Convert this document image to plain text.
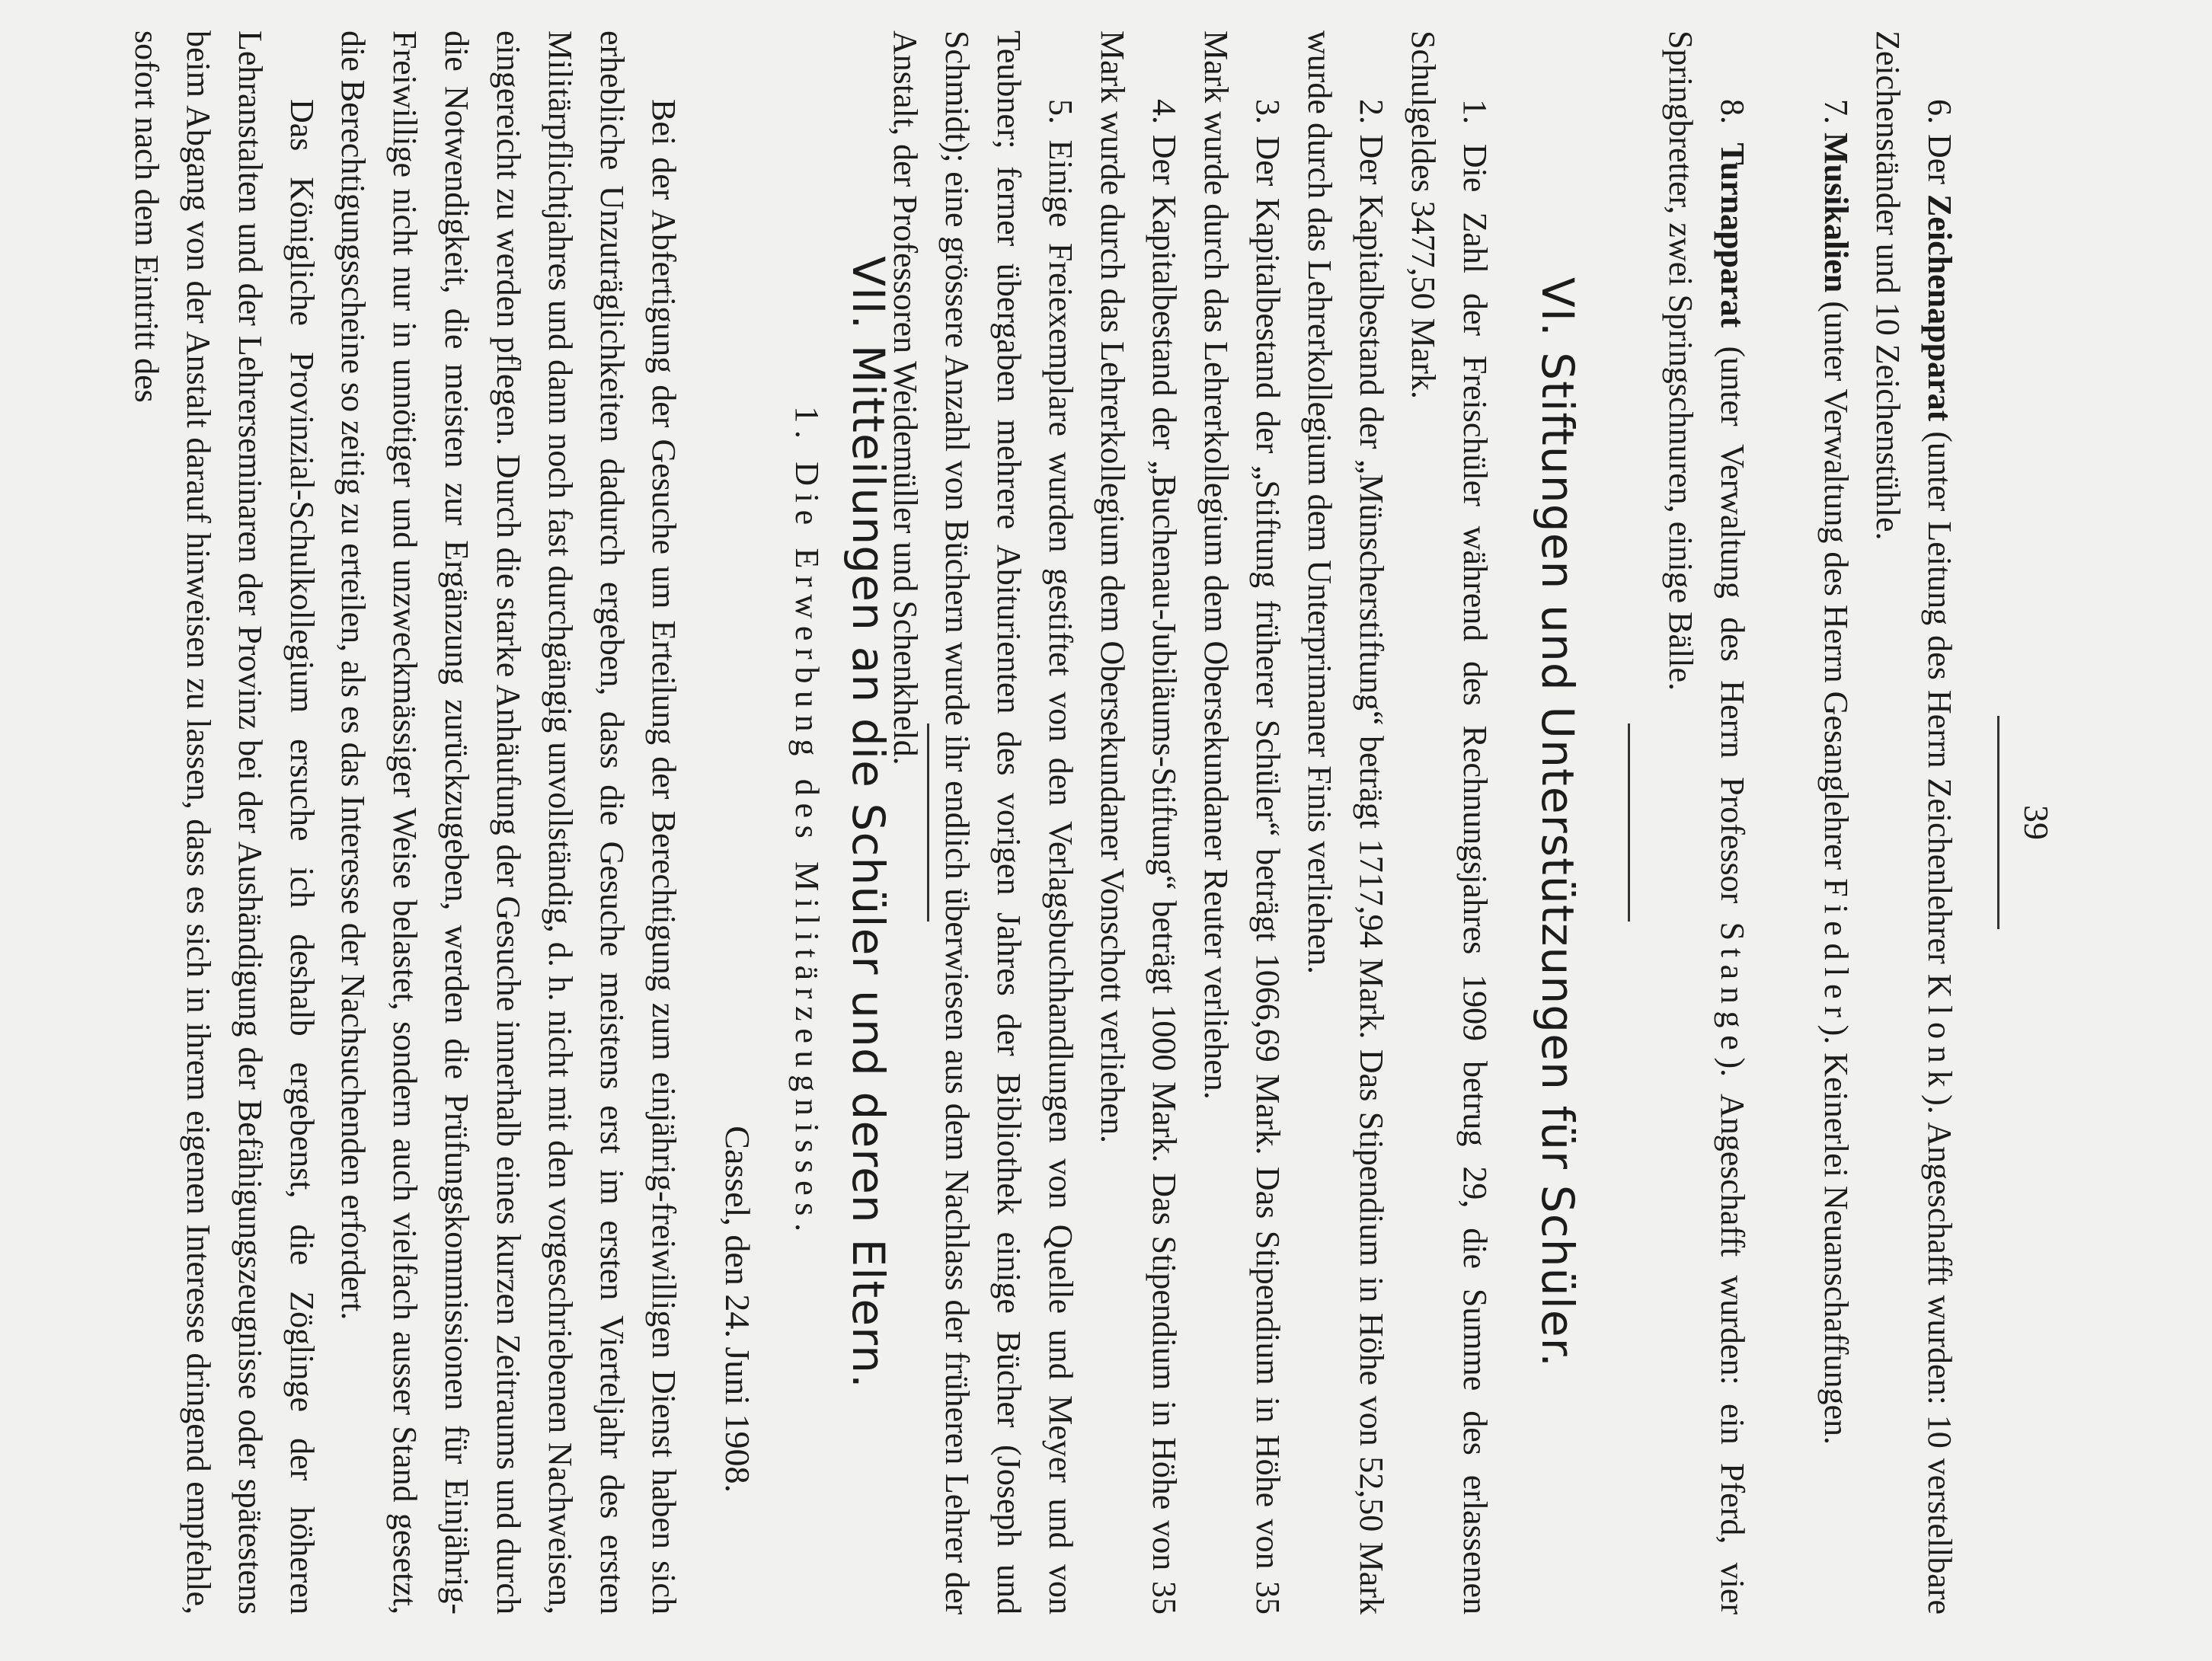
39

6. Der Zeichenapparat (unter Leitung des Herrn Zeichenlehrer Klonk). Angeschafft wurden: 10 verstellbare Zeichenständer und 10 Zeichenstühle.

7. Musikalien (unter Verwaltung des Herrn Gesanglehrer Fiedler). Keinerlei Neuanschaffungen.

8. Turnapparat (unter Verwaltung des Herrn Professor Stange). Angeschafft wurden: ein Pferd, vier Springbretter, zwei Springschnuren, einige Bälle.

VI. Stiftungen und Unterstützungen für Schüler.

1. Die Zahl der Freischüler während des Rechnungsjahres 1909 betrug 29, die Summe des erlassenen Schulgeldes 3477,50 Mark.

2. Der Kapitalbestand der „Münscherstiftung“ beträgt 1717,94 Mark. Das Stipendium in Höhe von 52,50 Mark wurde durch das Lehrerkollegium dem Unterprimaner Finis verliehen.

3. Der Kapitalbestand der „Stiftung früherer Schüler“ beträgt 1066,69 Mark. Das Stipendium in Höhe von 35 Mark wurde durch das Lehrerkollegium dem Obersekundaner Reuter verliehen.

4. Der Kapitalbestand der „Buchenau-Jubiläums-Stiftung“ beträgt 1000 Mark. Das Stipendium in Höhe von 35 Mark wurde durch das Lehrerkollegium dem Obersekundaner Vonschott verliehen.

5. Einige Freiexemplare wurden gestiftet von den Verlagsbuchhandlungen von Quelle und Meyer und von Teubner; ferner übergaben mehrere Abiturienten des vorigen Jahres der Bibliothek einige Bücher (Joseph und Schmidt); eine grössere Anzahl von Büchern wurde ihr endlich überwiesen aus dem Nachlass der früheren Lehrer der Anstalt, der Professoren Weidemüller und Schenkheld.

VII. Mitteilungen an die Schüler und deren Eltern.
1. Die Erwerbung des Militärzeugnisses.
Cassel, den 24. Juni 1908.

Bei der Abfertigung der Gesuche um Erteilung der Berechtigung zum einjährig-freiwilligen Dienst haben sich erhebliche Unzuträglichkeiten dadurch ergeben, dass die Gesuche meistens erst im ersten Vierteljahr des ersten Militärpflichtjahres und dann noch fast durchgängig unvollständig, d. h. nicht mit den vorgeschriebenen Nachweisen, eingereicht zu werden pflegen. Durch die starke Anhäufung der Gesuche innerhalb eines kurzen Zeitraums und durch die Notwendigkeit, die meisten zur Ergänzung zurückzugeben, werden die Prüfungskommissionen für Einjährig-Freiwillige nicht nur in unnötiger und unzweckmässiger Weise belastet, sondern auch vielfach ausser Stand gesetzt, die Berechtigungsscheine so zeitig zu erteilen, als es das Interesse der Nachsuchenden erfordert.

Das Königliche Provinzial-Schulkollegium ersuche ich deshalb ergebenst, die Zöglinge der höheren Lehranstalten und der Lehrerseminaren der Provinz bei der Aushändigung der Befähigungszeugnisse oder spätestens beim Abgang von der Anstalt darauf hinweisen zu lassen, dass es sich in ihrem eigenen Interesse dringend empfehle, sofort nach dem Eintritt des
